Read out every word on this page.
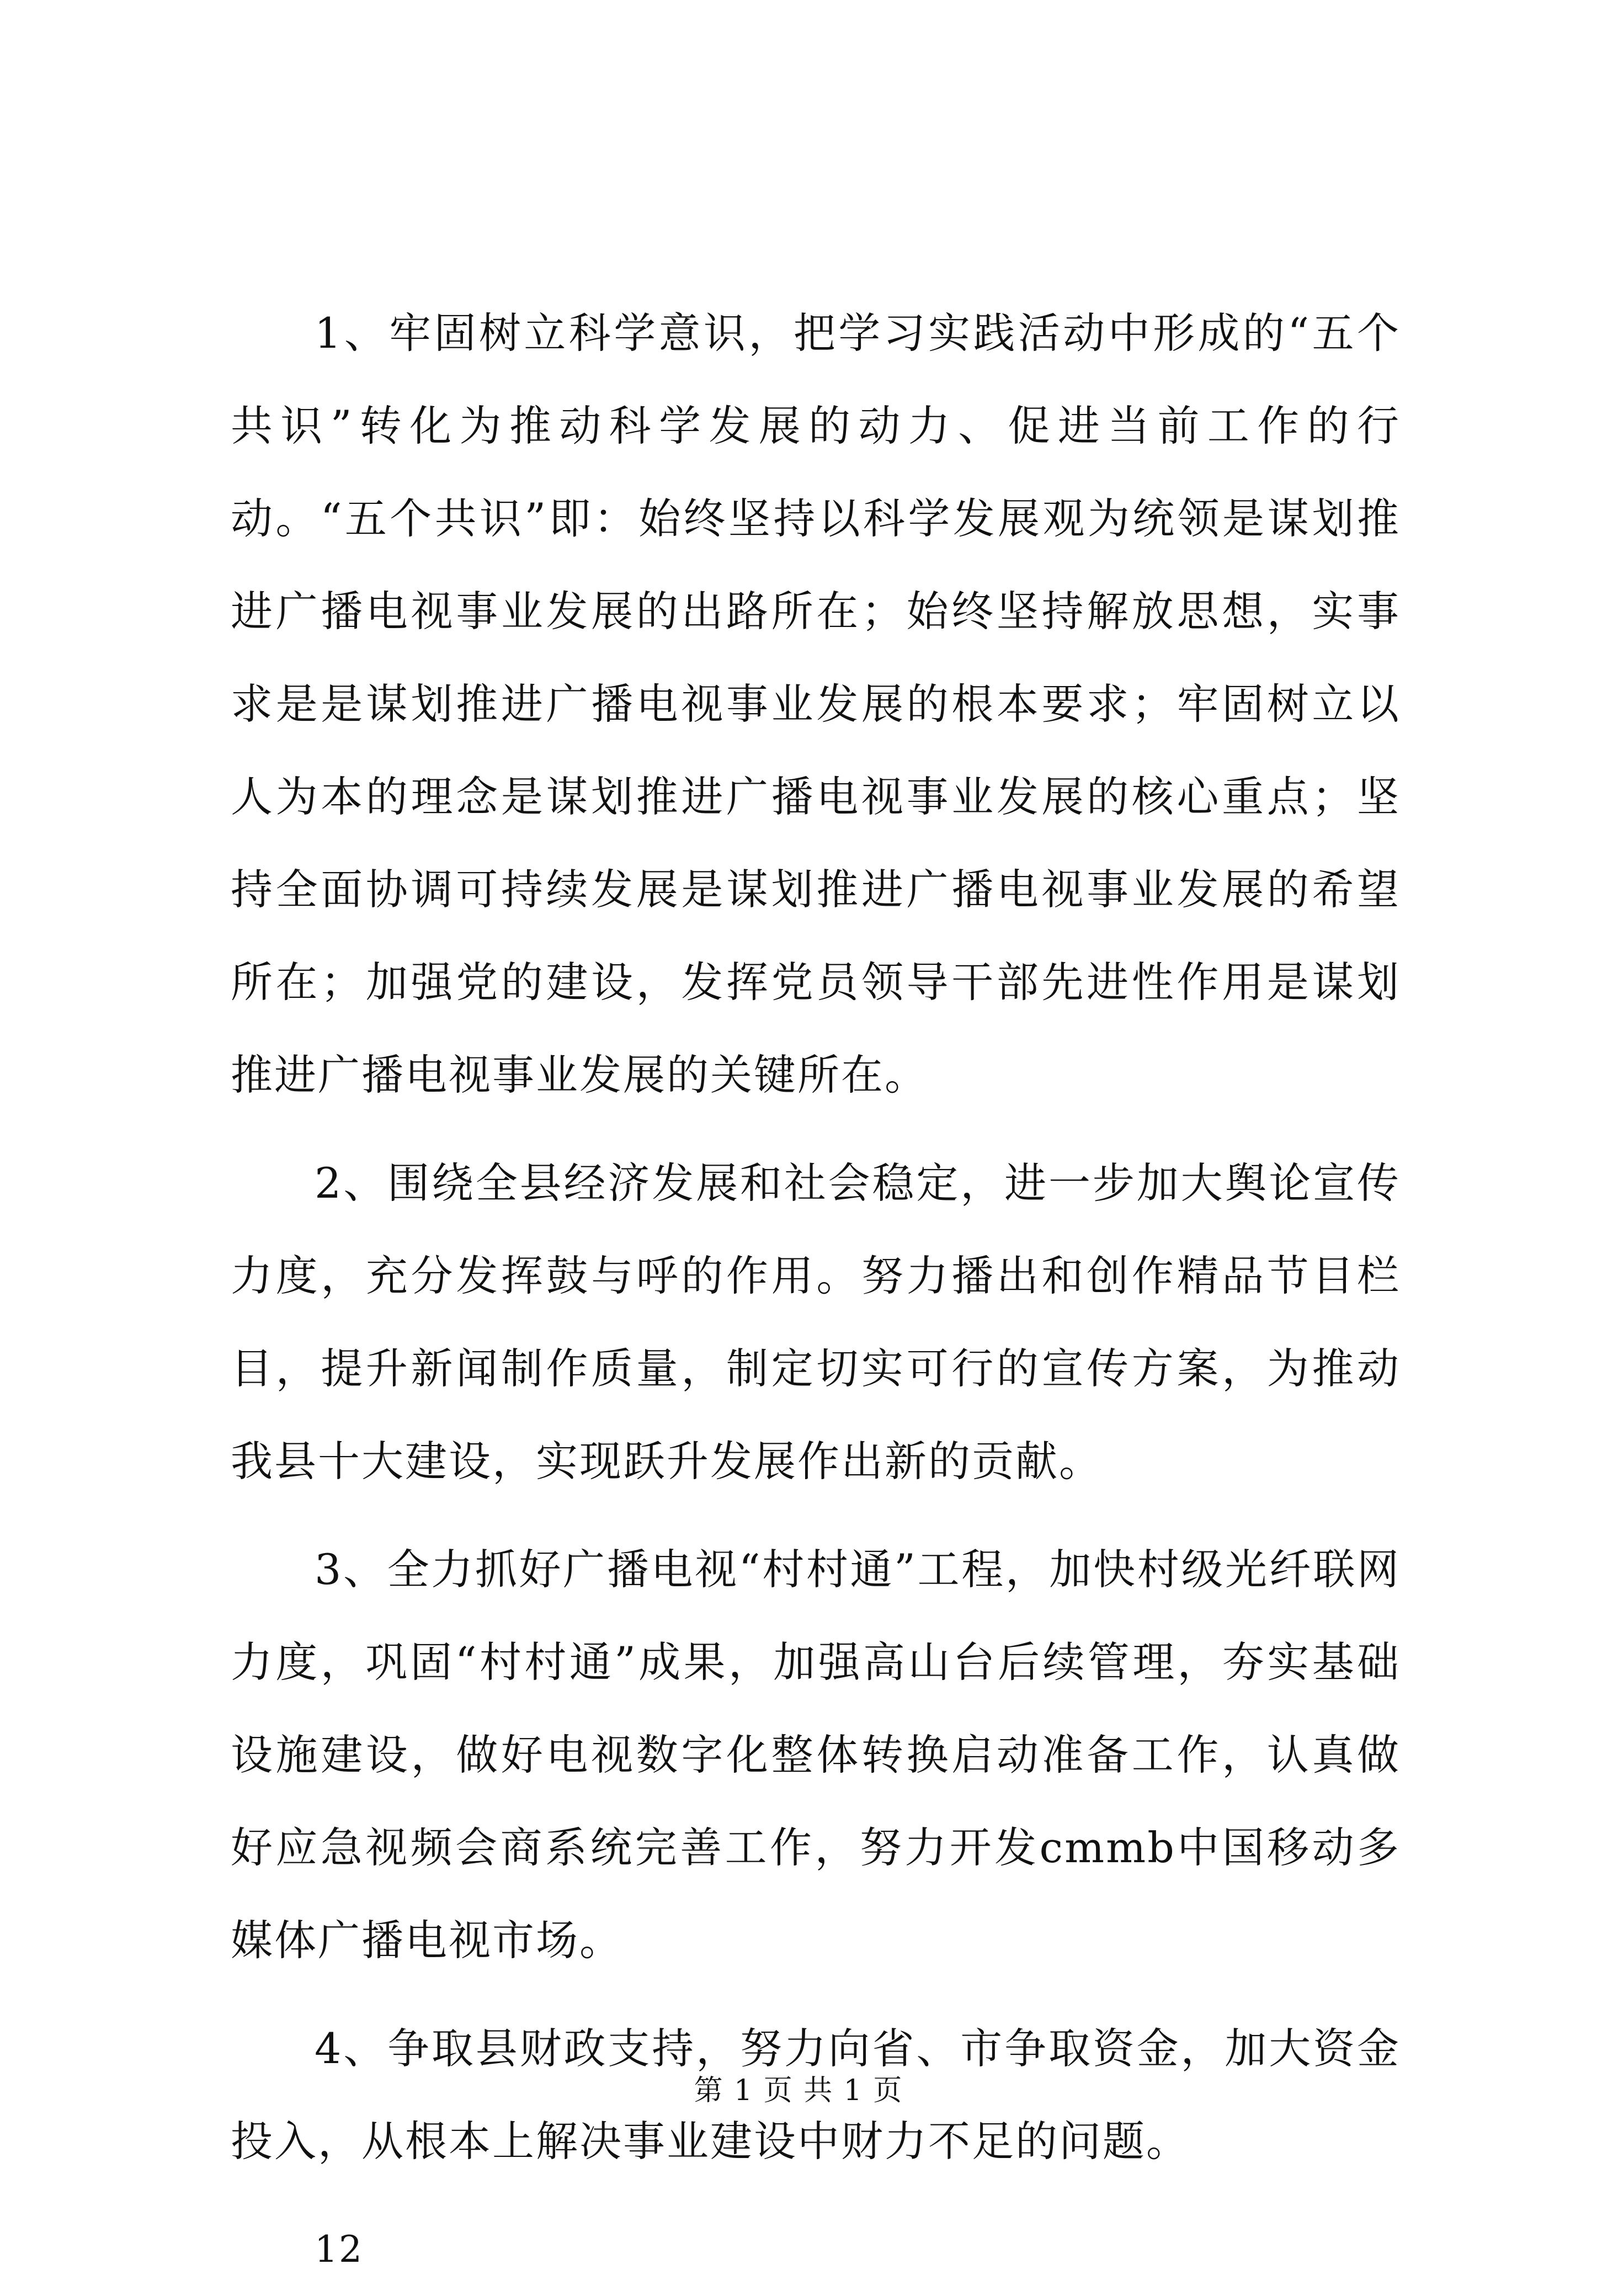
1、牢固树立科学意识，把学习实践活动中形成的“五个共识”转化为推动科学发展的动力、促进当前工作的行动。“五个共识”即：始终坚持以科学发展观为统领是谋划推进广播电视事业发展的出路所在；始终坚持解放思想，实事求是是谋划推进广播电视事业发展的根本要求；牢固树立以人为本的理念是谋划推进广播电视事业发展的核心重点；坚持全面协调可持续发展是谋划推进广播电视事业发展的希望所在；加强党的建设，发挥党员领导干部先进性作用是谋划推进广播电视事业发展的关键所在。

2、围绕全县经济发展和社会稳定，进一步加大舆论宣传力度，充分发挥鼓与呼的作用。努力播出和创作精品节目栏目，提升新闻制作质量，制定切实可行的宣传方案，为推动我县十大建设，实现跃升发展作出新的贡献。

3、全力抓好广播电视“村村通”工程，加快村级光纤联网力度，巩固“村村通”成果，加强高山台后续管理，夯实基础设施建设，做好电视数字化整体转换启动准备工作，认真做好应急视频会商系统完善工作，努力开发cmmb中国移动多媒体广播电视市场。

4、争取县财政支持，努力向省、市争取资金，加大资金投入，从根本上解决事业建设中财力不足的问题。

12

第 1 页 共 1 页
